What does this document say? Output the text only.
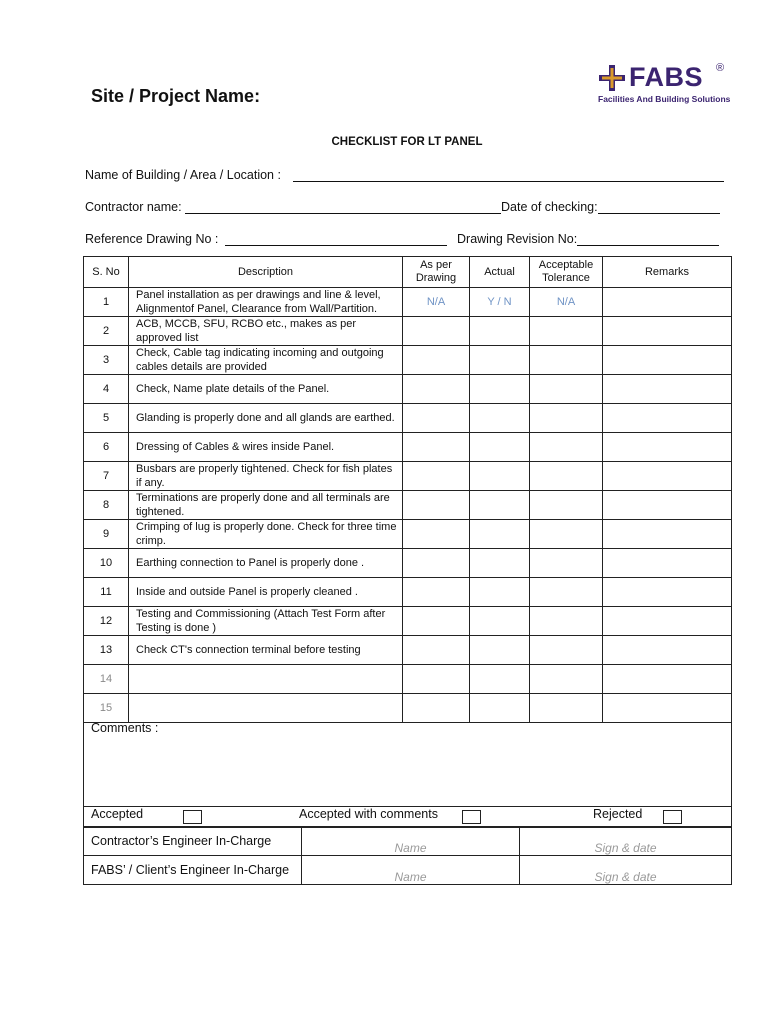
Site / Project Name:
FABS ®
Facilities And Building Solutions
CHECKLIST FOR LT PANEL
Name of Building / Area / Location :
Contractor name:	Date of checking:
Reference Drawing No :	Drawing Revision No:
S. No	Description	As per Drawing	Actual	Acceptable Tolerance	Remarks
1	Panel installation as per drawings and line & level, Alignmentof Panel, Clearance from Wall/Partition.	N/A	Y / N	N/A	
2	ACB, MCCB, SFU, RCBO etc., makes as per approved list				
3	Check, Cable tag indicating incoming and outgoing cables details are provided				
4	Check, Name plate details of the Panel.				
5	Glanding is properly done and all glands are earthed.				
6	Dressing of Cables & wires inside Panel.				
7	Busbars are properly tightened. Check for fish plates if any.				
8	Terminations are properly done and all terminals are tightened.				
9	Crimping of lug is properly done. Check for three time crimp.				
10	Earthing connection to Panel is properly done .				
11	Inside and outside Panel is properly cleaned .				
12	Testing and Commissioning (Attach Test Form after Testing is done )				
13	Check CT's connection terminal before testing				
14					
15					
Comments :
Accepted	Accepted with comments	Rejected
Contractor’s Engineer In-Charge	Name	Sign & date
FABS’ / Client’s Engineer In-Charge	Name	Sign & date
